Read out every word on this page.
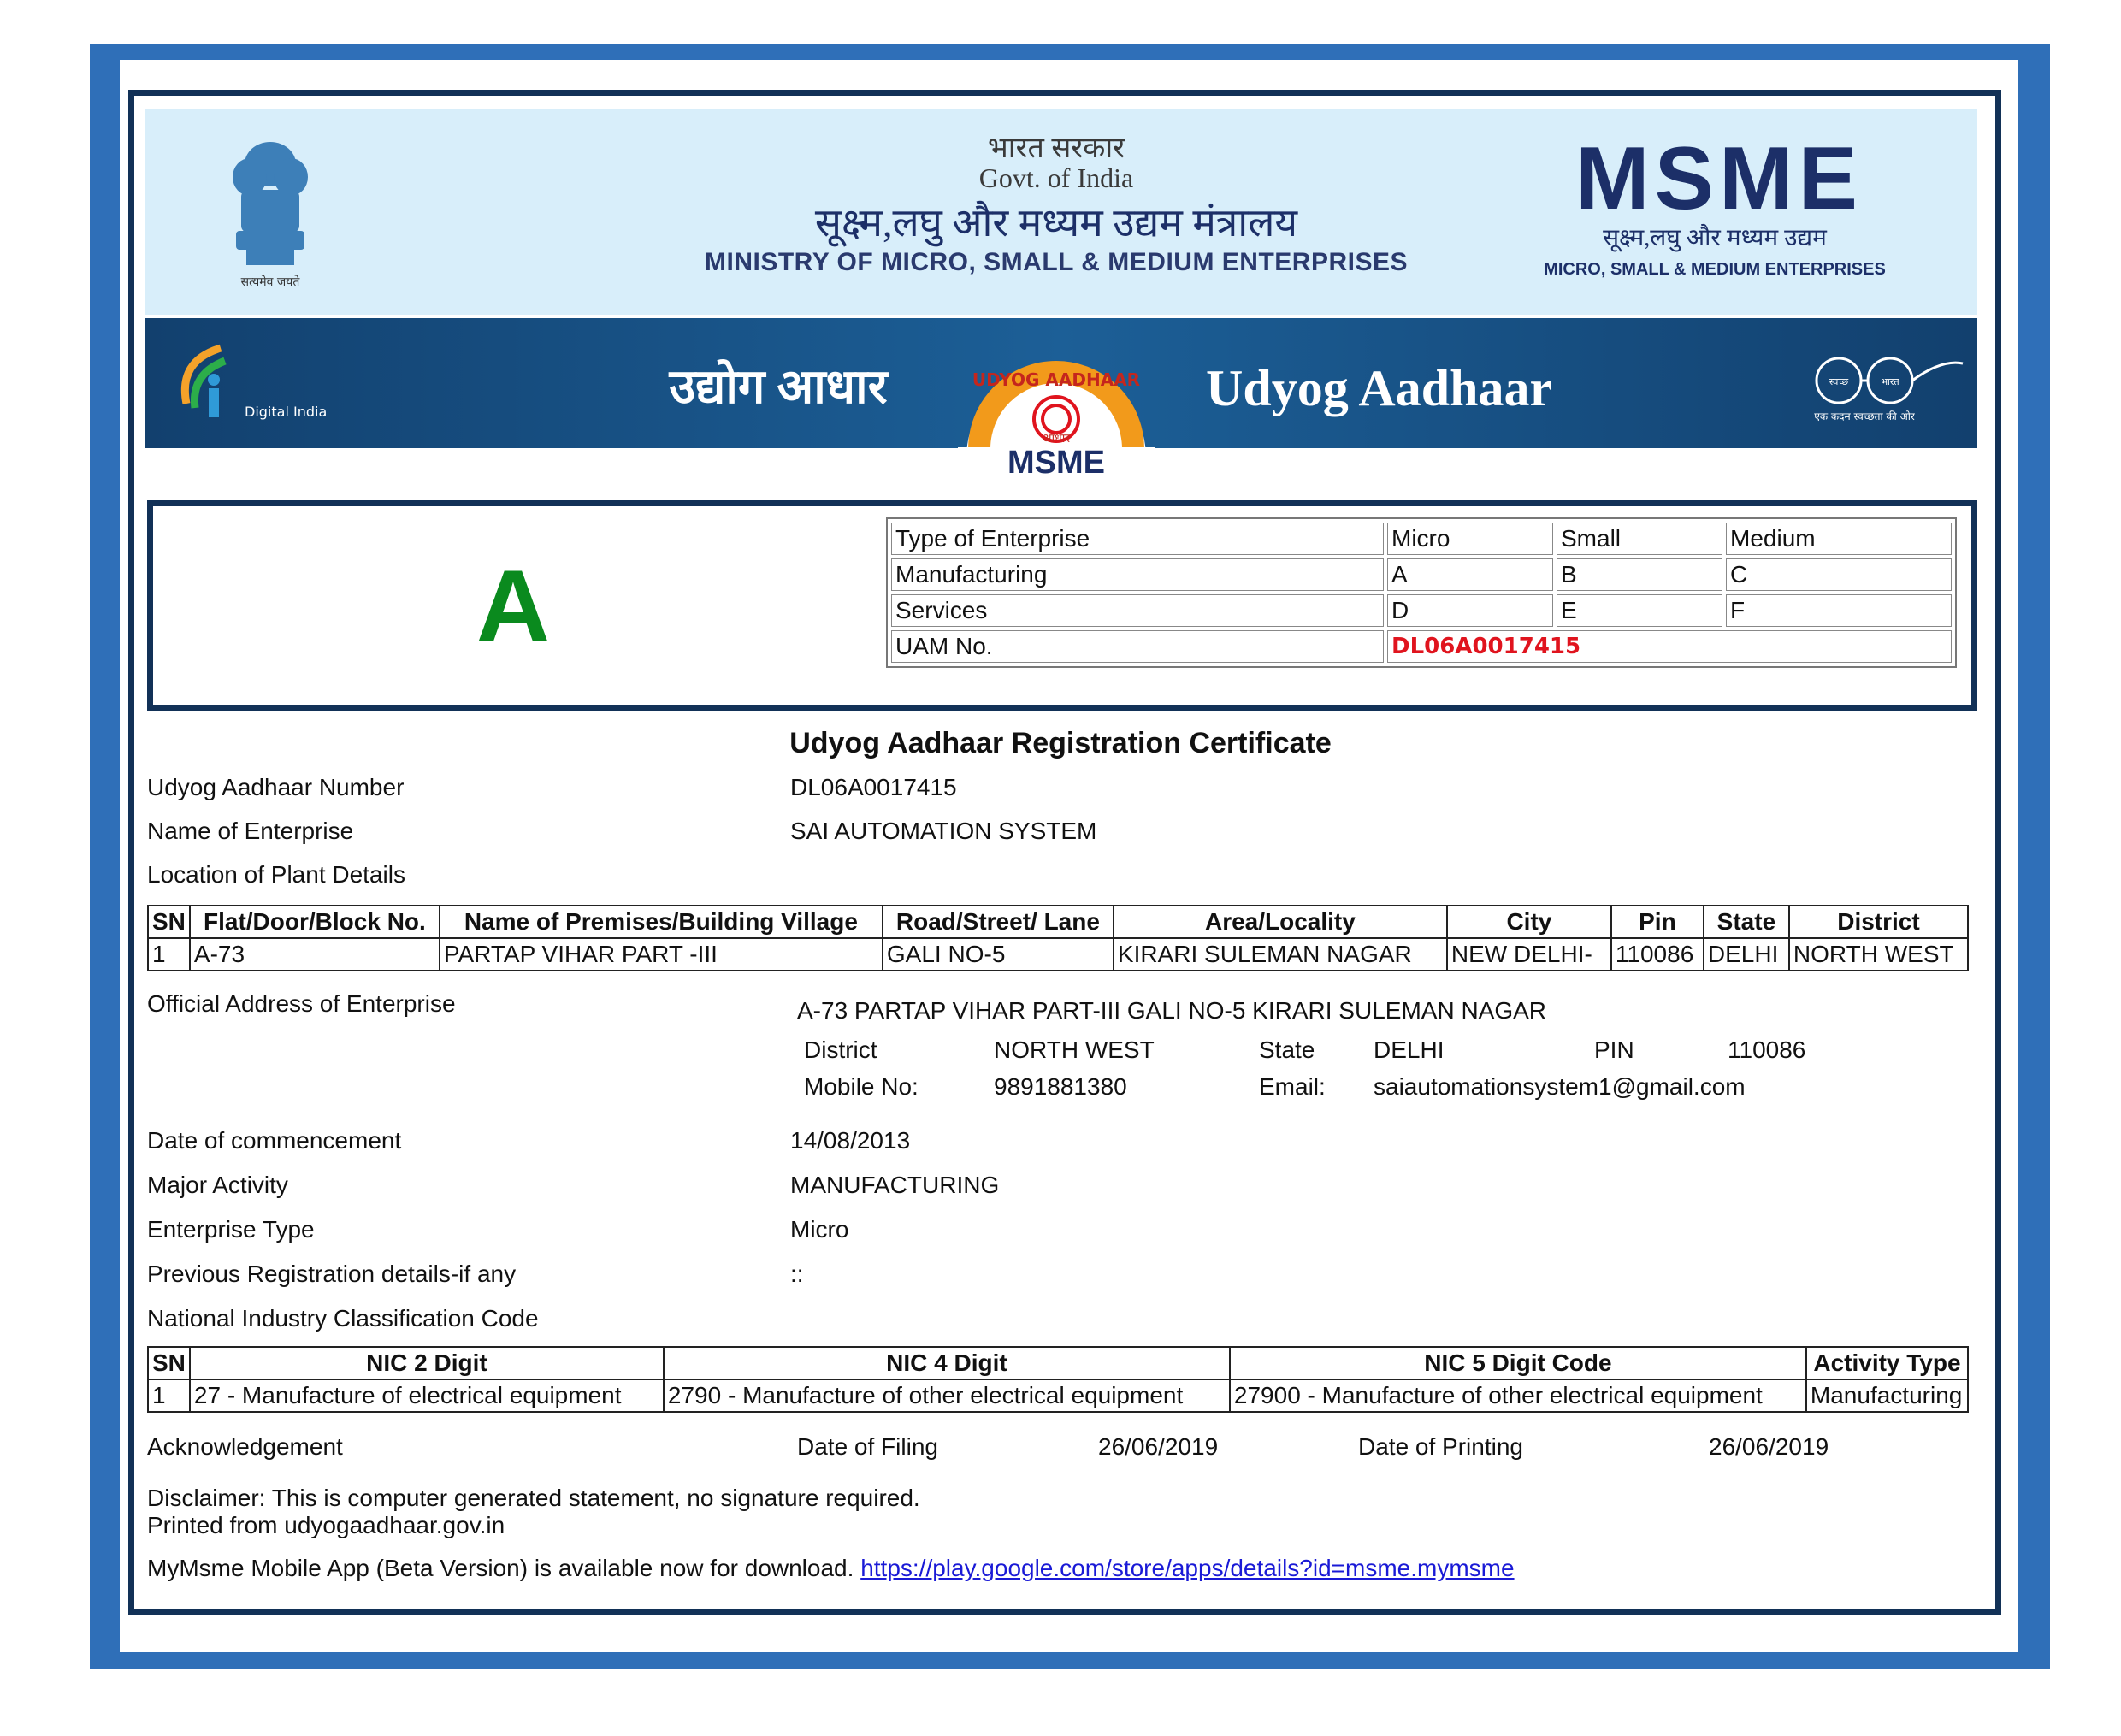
सत्यमेव जयते
भारत सरकार
Govt. of India
सूक्ष्म,लघु और मध्यम उद्यम मंत्रालय
MINISTRY OF MICRO, SMALL & MEDIUM ENTERPRISES
MSME
सूक्ष्म,लघु और मध्यम उद्यम
MICRO, SMALL & MEDIUM ENTERPRISES
Digital India	उद्योग आधार	UDYOG AADHAAR
आधार
MSME
Udyog Aadhaar	स्वच्छ	भारत
एक कदम स्वच्छता की ओर
A
Type of Enterprise	Micro	Small	Medium
Manufacturing	A	B	C
Services	D	E	F
UAM No.	DL06A0017415		
Udyog Aadhaar Registration Certificate
Udyog Aadhaar Number	DL06A0017415
Name of Enterprise	SAI AUTOMATION SYSTEM
Location of Plant Details
SN	Flat/Door/Block No.	Name of Premises/Building Village	Road/Street/ Lane	Area/Locality	City	Pin	State	District
1	A-73	PARTAP VIHAR PART -III	GALI NO-5	KIRARI SULEMAN NAGAR	NEW DELHI-	110086	DELHI	NORTH WEST
Official Address of Enterprise	A-73 PARTAP VIHAR PART-III GALI NO-5 KIRARI SULEMAN NAGAR
District	NORTH WEST	State DELHI	PIN	110086
Mobile No:	9891881380	Email: saiautomationsystem1@gmail.com
Date of commencement	14/08/2013
Major Activity	MANUFACTURING
Enterprise Type	Micro
Previous Registration details-if any	::
National Industry Classification Code
SN	NIC 2 Digit	NIC 4 Digit	NIC 5 Digit Code	Activity Type
1	27 - Manufacture of electrical equipment	2790 - Manufacture of other electrical equipment	27900 - Manufacture of other electrical equipment	Manufacturing
Acknowledgement	Date of Filing	26/06/2019	Date of Printing	26/06/2019
Disclaimer: This is computer generated statement, no signature required.
Printed from udyogaadhaar.gov.in
MyMsme Mobile App (Beta Version) is available now for download. https://play.google.com/store/apps/details?id=msme.mymsme
